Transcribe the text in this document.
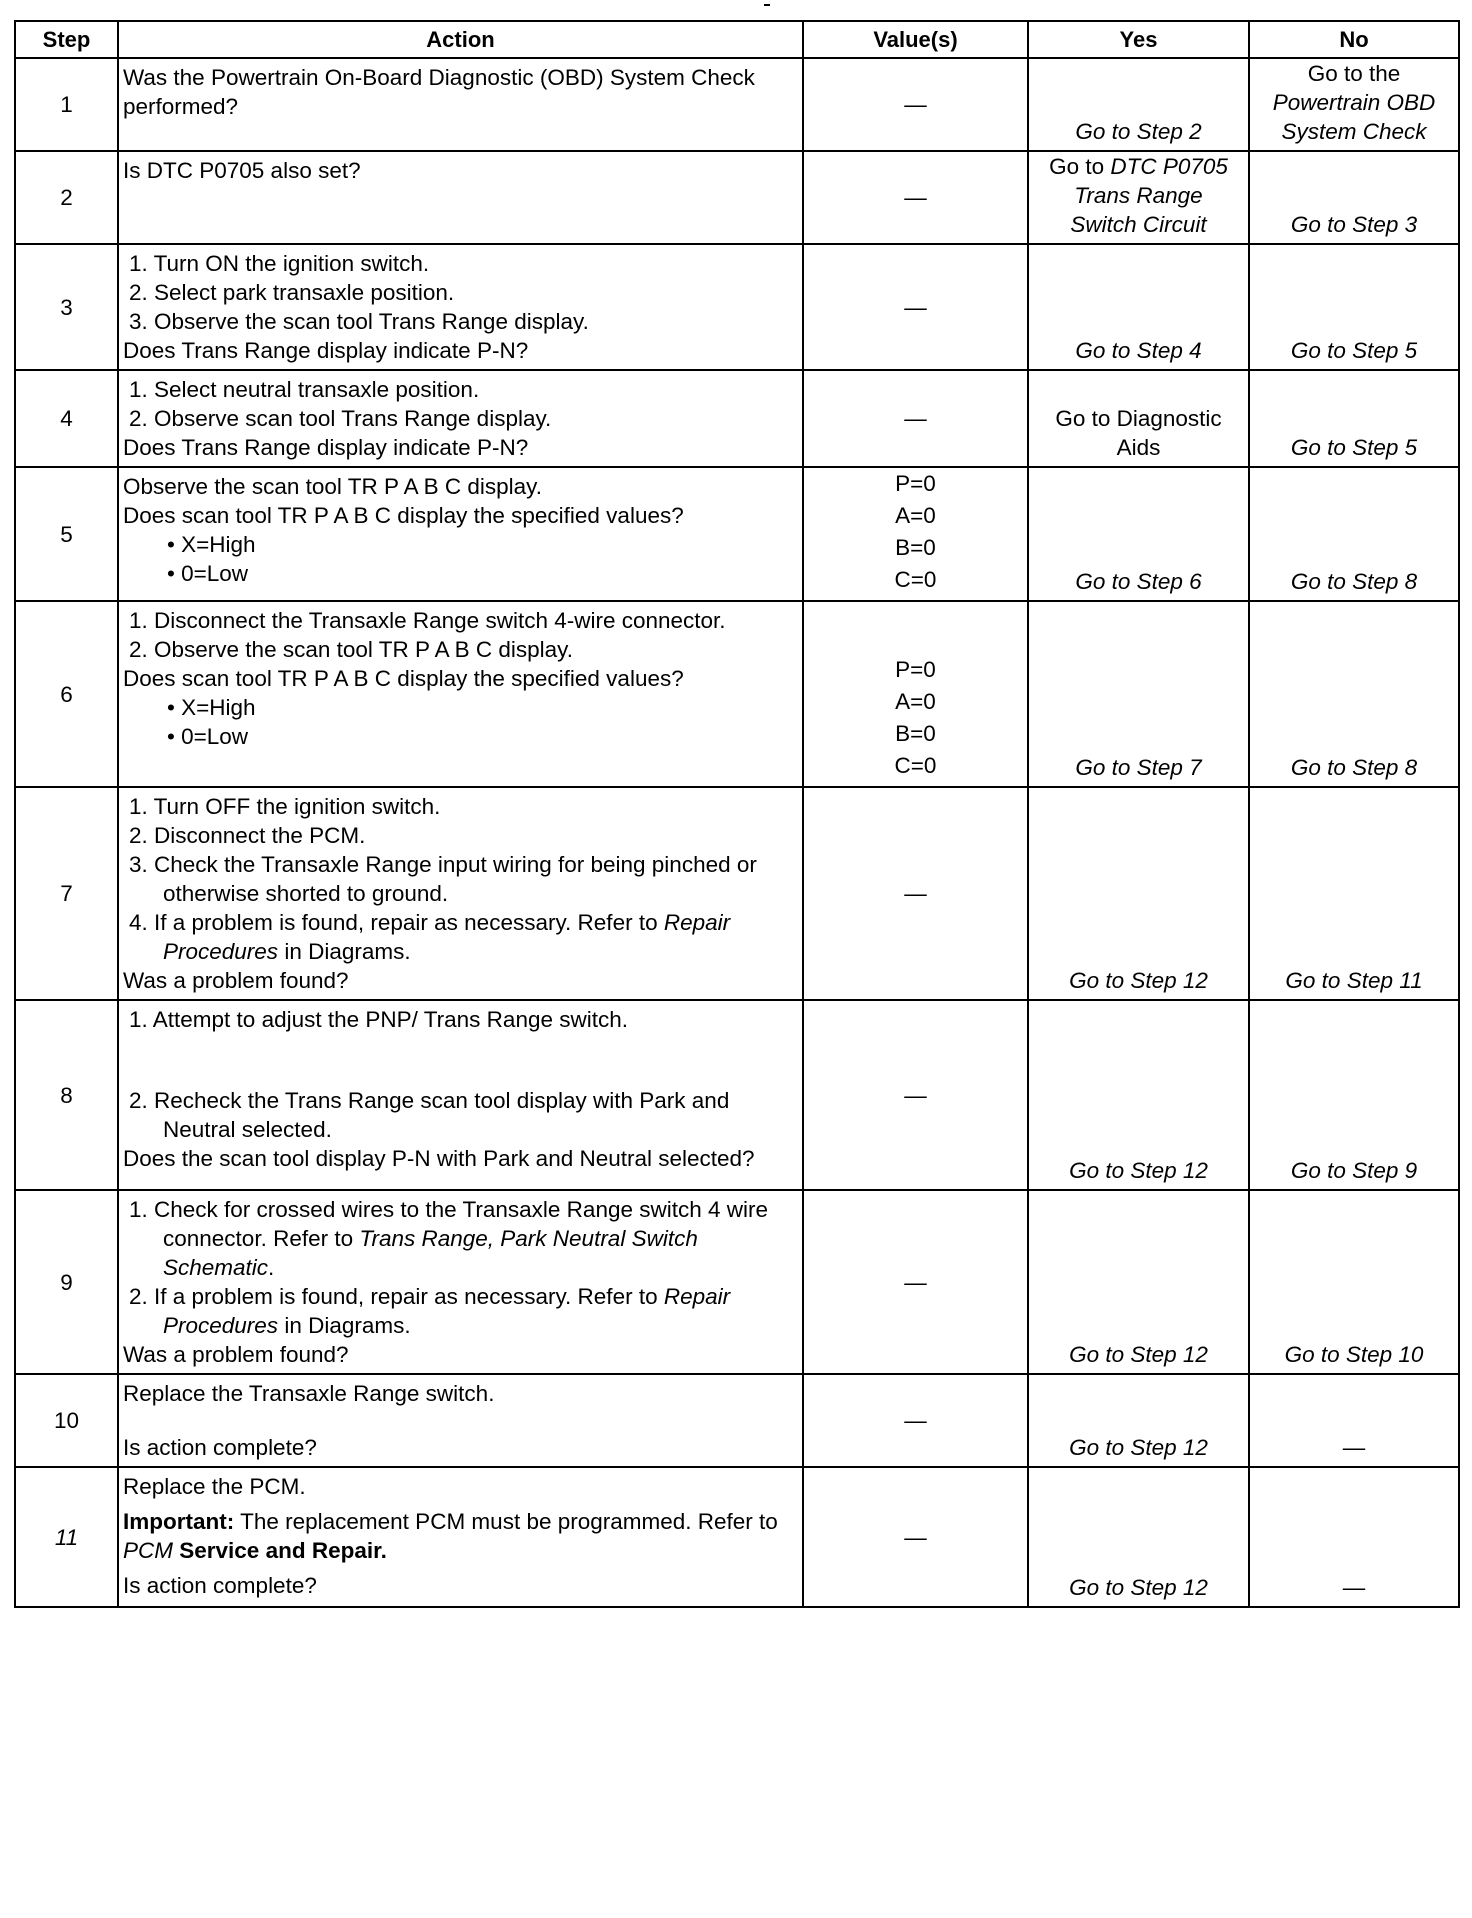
Step	Action	Value(s)	Yes	No
1	Was the Powertrain On-Board Diagnostic (OBD) System Check performed?	—	Go to Step 2	Go to the
Powertrain OBD
System Check

2	Is DTC P0705 also set?	—	Go to DTC P0705
Trans Range
Switch Circuit	Go to Step 3

3	1. Turn ON the ignition switch.
2. Select park transaxle position.
3. Observe the scan tool Trans Range display.
Does Trans Range display indicate P-N?	—	Go to Step 4	Go to Step 5

4	1. Select neutral transaxle position.
2. Observe scan tool Trans Range display.
Does Trans Range display indicate P-N?	—	Go to Diagnostic
Aids	Go to Step 5

5	Observe the scan tool TR P A B C display.
Does scan tool TR P A B C display the specified values?
• X=High
• 0=Low	P=0
A=0
B=0
C=0	Go to Step 6	Go to Step 8

6	1. Disconnect the Transaxle Range switch 4-wire connector.
2. Observe the scan tool TR P A B C display.
Does scan tool TR P A B C display the specified values?
• X=High
• 0=Low	P=0
A=0
B=0
C=0	Go to Step 7	Go to Step 8

7	1. Turn OFF the ignition switch.
2. Disconnect the PCM.
3. Check the Transaxle Range input wiring for being pinched or otherwise shorted to ground.
4. If a problem is found, repair as necessary. Refer to Repair Procedures in Diagrams.
Was a problem found?	—	Go to Step 12	Go to Step 11

8	1. Attempt to adjust the PNP/ Trans Range switch.
2. Recheck the Trans Range scan tool display with Park and Neutral selected.
Does the scan tool display P-N with Park and Neutral selected?	—	Go to Step 12	Go to Step 9

9	1. Check for crossed wires to the Transaxle Range switch 4 wire connector. Refer to Trans Range, Park Neutral Switch Schematic.
2. If a problem is found, repair as necessary. Refer to Repair Procedures in Diagrams.
Was a problem found?	—	Go to Step 12	Go to Step 10

10	Replace the Transaxle Range switch.
Is action complete?	—	Go to Step 12	—

11	Replace the PCM.
Important: The replacement PCM must be programmed. Refer to PCM Service and Repair.
Is action complete?	—	Go to Step 12	—
